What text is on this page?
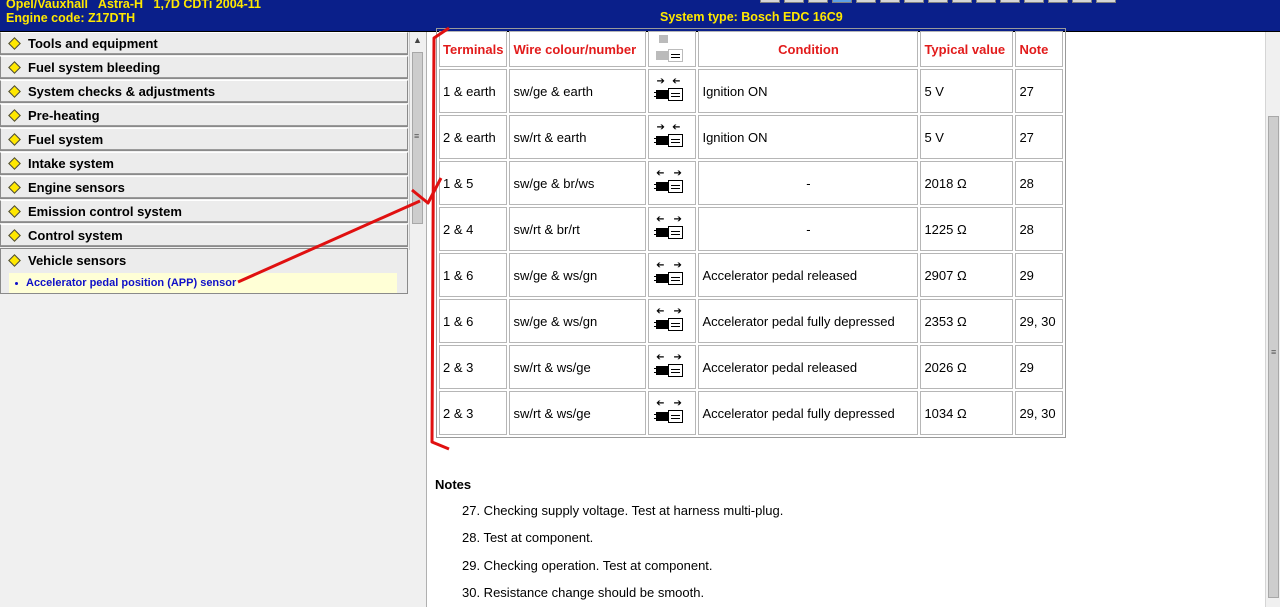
Opel/Vauxhall   Astra-H   1,7D CDTi 2004-11
Engine code: Z17DTH	System type: Bosch EDC 16C9
Tools and equipment
Fuel system bleeding
System checks & adjustments
Pre-heating
Fuel system
Intake system
Engine sensors
Emission control system
Control system
Vehicle sensors
Accelerator pedal position (APP) sensor
▲
≡
Terminals	Wire colour/number		Condition	Typical value	Note
1 & earth	sw/ge & earth	➔ ➔	Ignition ON	5 V	27
2 & earth	sw/rt & earth	➔ ➔	Ignition ON	5 V	27
1 & 5	sw/ge & br/ws	➔ ➔	-	2018 Ω	28
2 & 4	sw/rt & br/rt	➔ ➔	-	1225 Ω	28
1 & 6	sw/ge & ws/gn	➔ ➔	Accelerator pedal released	2907 Ω	29
1 & 6	sw/ge & ws/gn	➔ ➔	Accelerator pedal fully depressed	2353 Ω	29, 30
2 & 3	sw/rt & ws/ge	➔ ➔	Accelerator pedal released	2026 Ω	29
2 & 3	sw/rt & ws/ge	➔ ➔	Accelerator pedal fully depressed	1034 Ω	29, 30
Notes
27. Checking supply voltage. Test at harness multi-plug.
28. Test at component.
29. Checking operation. Test at component.
30. Resistance change should be smooth.
≡
